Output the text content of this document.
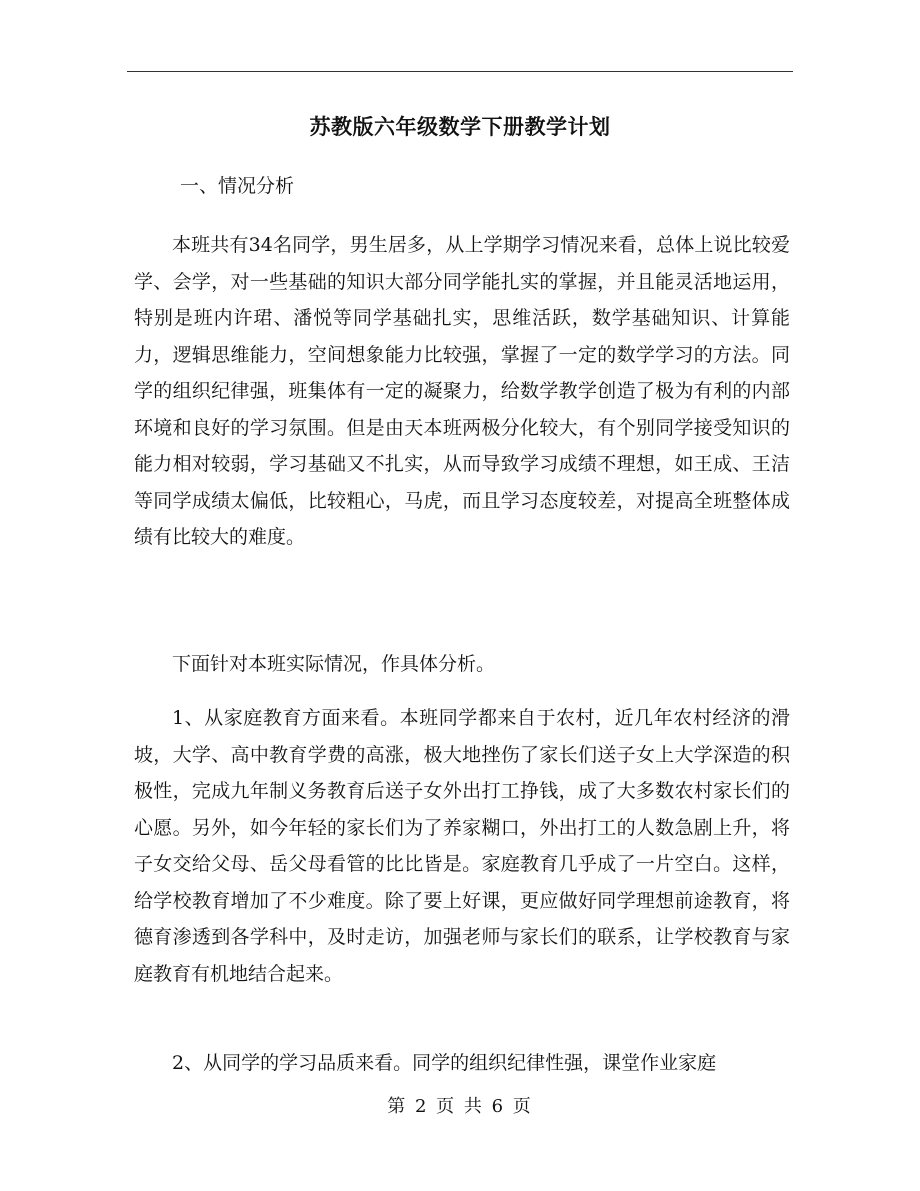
苏教版六年级数学下册教学计划
一、情况分析
本班共有34名同学，男生居多，从上学期学习情况来看，总体上说比较爱学、会学，对一些基础的知识大部分同学能扎实的掌握，并且能灵活地运用，特别是班内许珺、潘悦等同学基础扎实，思维活跃，数学基础知识、计算能力，逻辑思维能力，空间想象能力比较强，掌握了一定的数学学习的方法。同学的组织纪律强，班集体有一定的凝聚力，给数学教学创造了极为有利的内部环境和良好的学习氛围。但是由天本班两极分化较大，有个别同学接受知识的能力相对较弱，学习基础又不扎实，从而导致学习成绩不理想，如王成、王洁等同学成绩太偏低，比较粗心，马虎，而且学习态度较差，对提高全班整体成绩有比较大的难度。
下面针对本班实际情况，作具体分析。
1、从家庭教育方面来看。本班同学都来自于农村，近几年农村经济的滑坡，大学、高中教育学费的高涨，极大地挫伤了家长们送子女上大学深造的积极性，完成九年制义务教育后送子女外出打工挣钱，成了大多数农村家长们的心愿。另外，如今年轻的家长们为了养家糊口，外出打工的人数急剧上升，将子女交给父母、岳父母看管的比比皆是。家庭教育几乎成了一片空白。这样，给学校教育增加了不少难度。除了要上好课，更应做好同学理想前途教育，将德育渗透到各学科中，及时走访，加强老师与家长们的联系，让学校教育与家庭教育有机地结合起来。
2、从同学的学习品质来看。同学的组织纪律性强，课堂作业家庭
第 2 页 共 6 页
